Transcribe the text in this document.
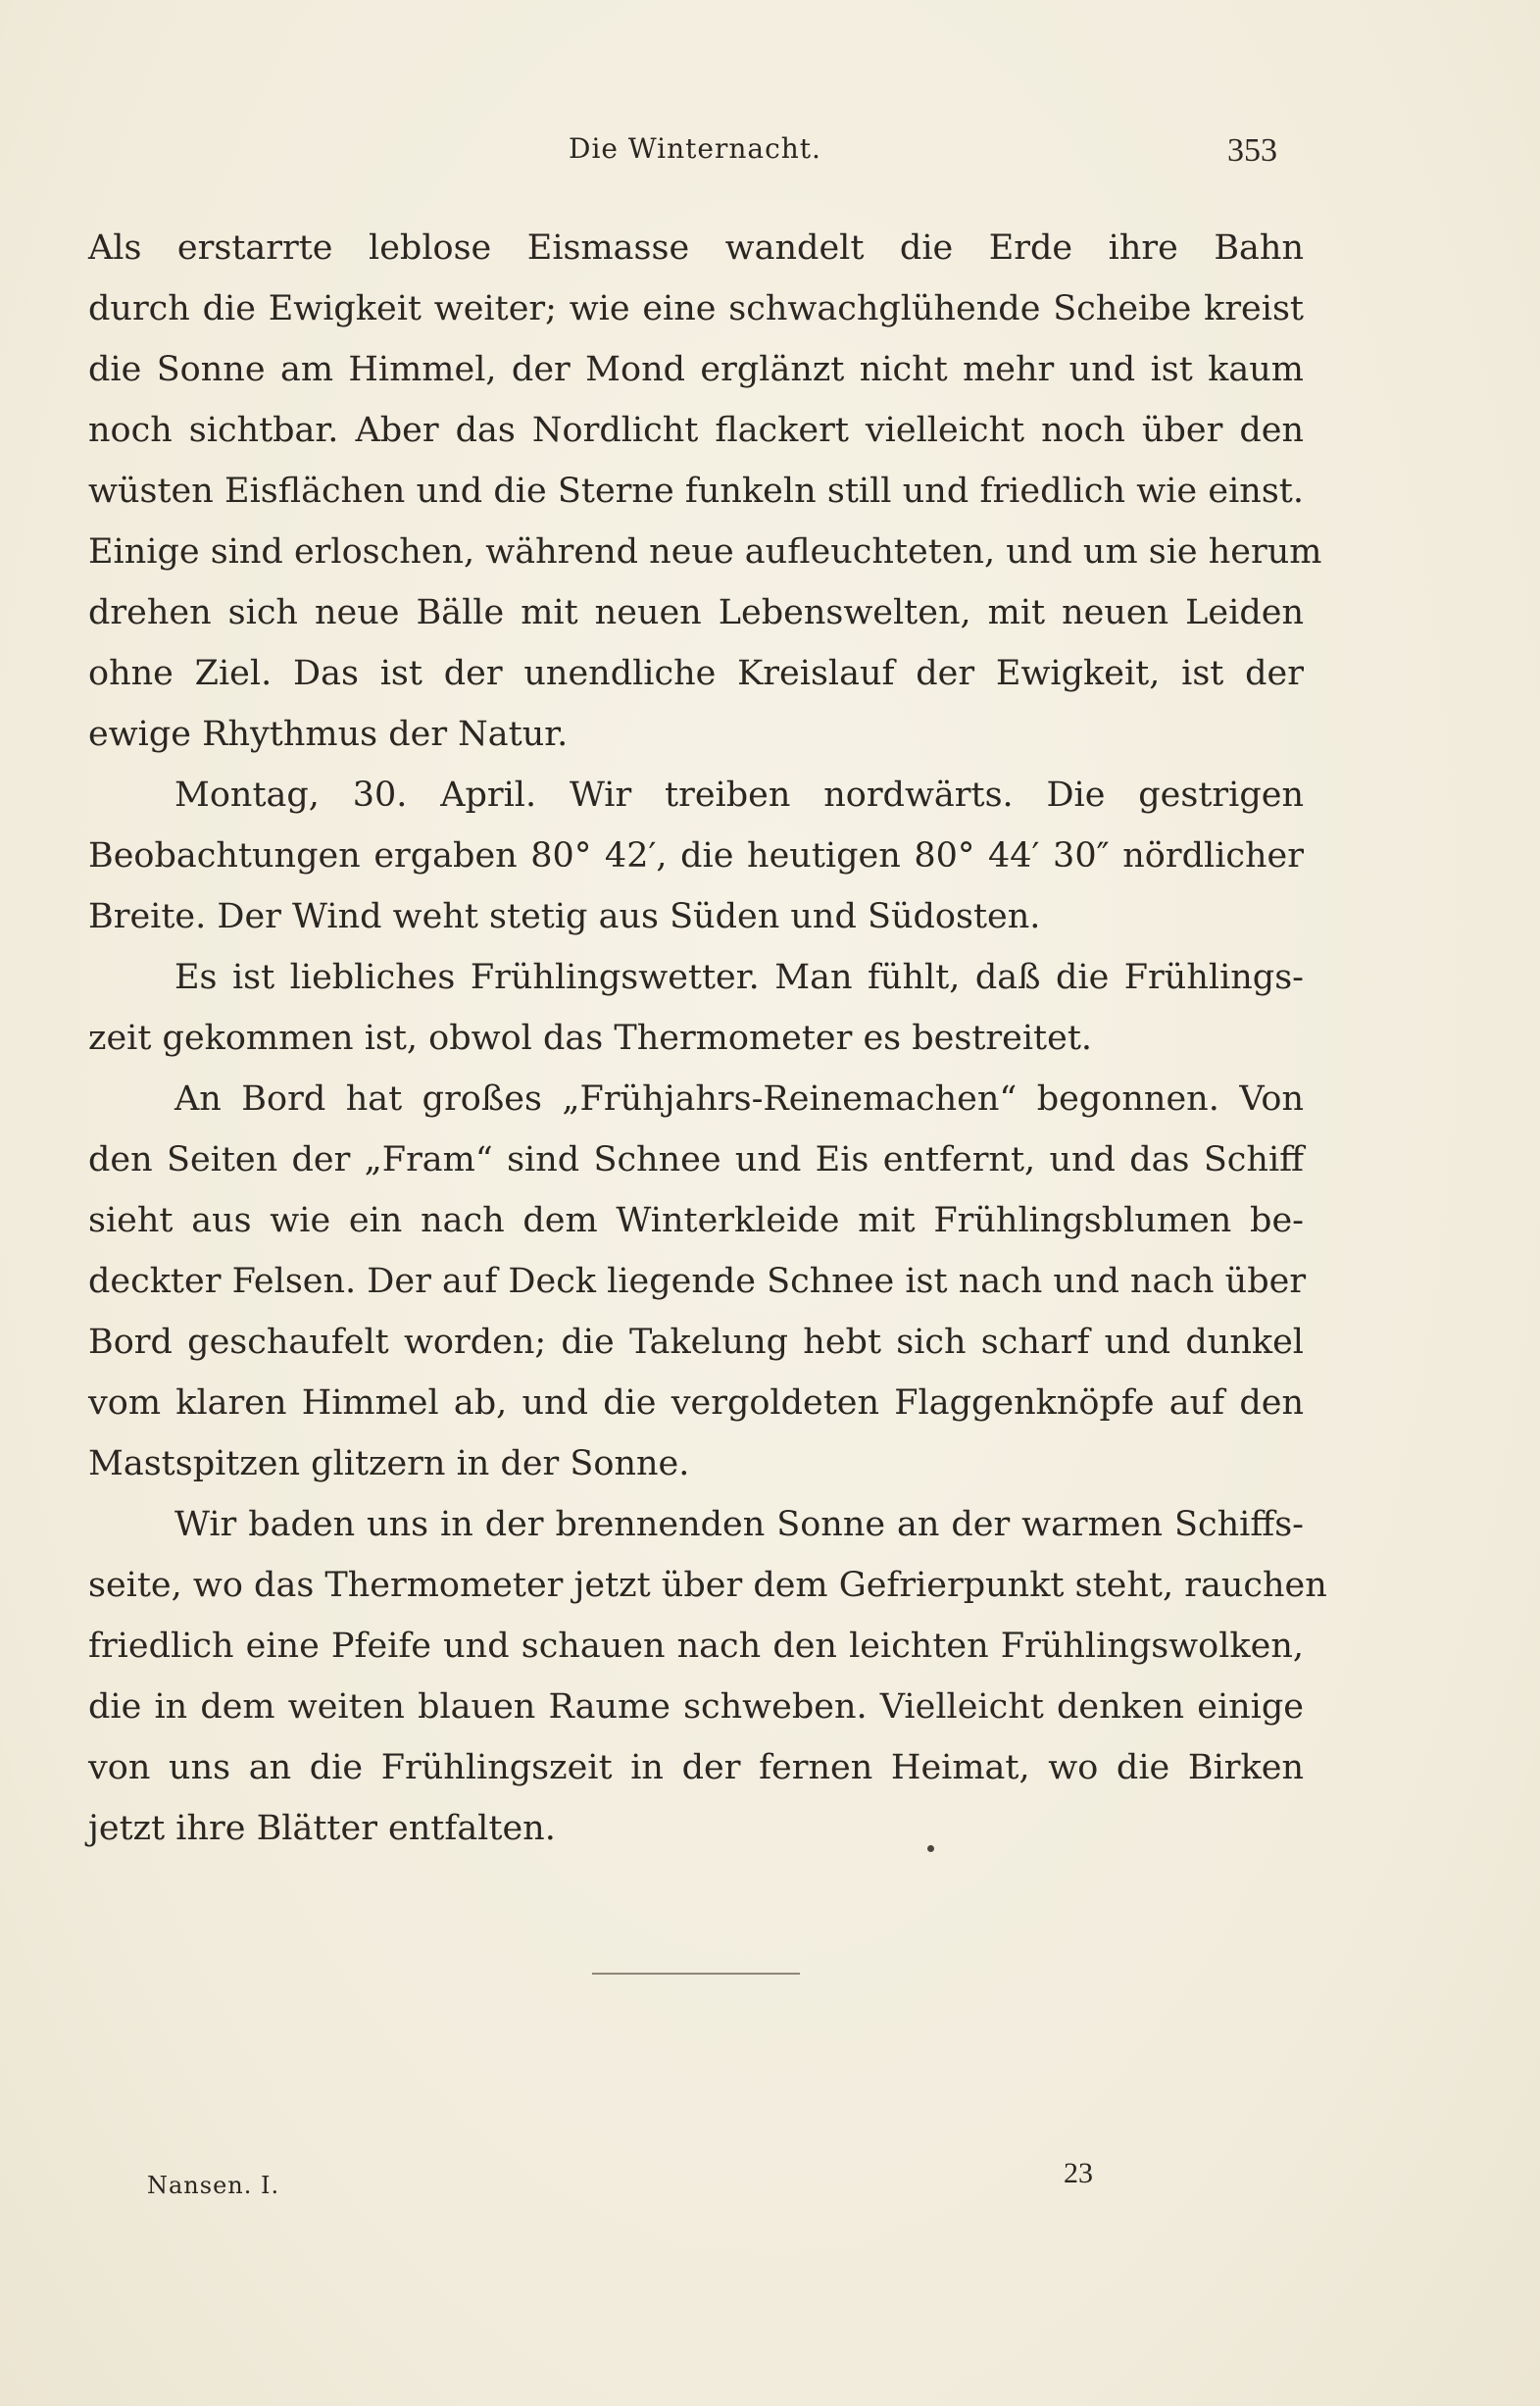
Die Winternacht.	353
Als erstarrte leblose Eismasse wandelt die Erde ihre Bahn
durch die Ewigkeit weiter; wie eine schwachglühende Scheibe kreist
die Sonne am Himmel, der Mond erglänzt nicht mehr und ist kaum
noch sichtbar. Aber das Nordlicht flackert vielleicht noch über den
wüsten Eisflächen und die Sterne funkeln still und friedlich wie einst.
Einige sind erloschen, während neue aufleuchteten, und um sie herum
drehen sich neue Bälle mit neuen Lebenswelten, mit neuen Leiden
ohne Ziel. Das ist der unendliche Kreislauf der Ewigkeit, ist der
ewige Rhythmus der Natur.
Montag, 30. April. Wir treiben nordwärts. Die gestrigen
Beobachtungen ergaben 80° 42′, die heutigen 80° 44′ 30″ nördlicher
Breite. Der Wind weht stetig aus Süden und Südosten.
Es ist liebliches Frühlingswetter. Man fühlt, daß die Frühlings-
zeit gekommen ist, obwol das Thermometer es bestreitet.
An Bord hat großes „Frühjahrs-Reinemachen“ begonnen. Von
den Seiten der „Fram“ sind Schnee und Eis entfernt, und das Schiff
sieht aus wie ein nach dem Winterkleide mit Frühlingsblumen be-
deckter Felsen. Der auf Deck liegende Schnee ist nach und nach über
Bord geschaufelt worden; die Takelung hebt sich scharf und dunkel
vom klaren Himmel ab, und die vergoldeten Flaggenknöpfe auf den
Mastspitzen glitzern in der Sonne.
Wir baden uns in der brennenden Sonne an der warmen Schiffs-
seite, wo das Thermometer jetzt über dem Gefrierpunkt steht, rauchen
friedlich eine Pfeife und schauen nach den leichten Frühlingswolken,
die in dem weiten blauen Raume schweben. Vielleicht denken einige
von uns an die Frühlingszeit in der fernen Heimat, wo die Birken
jetzt ihre Blätter entfalten.
Nansen. I.	23
